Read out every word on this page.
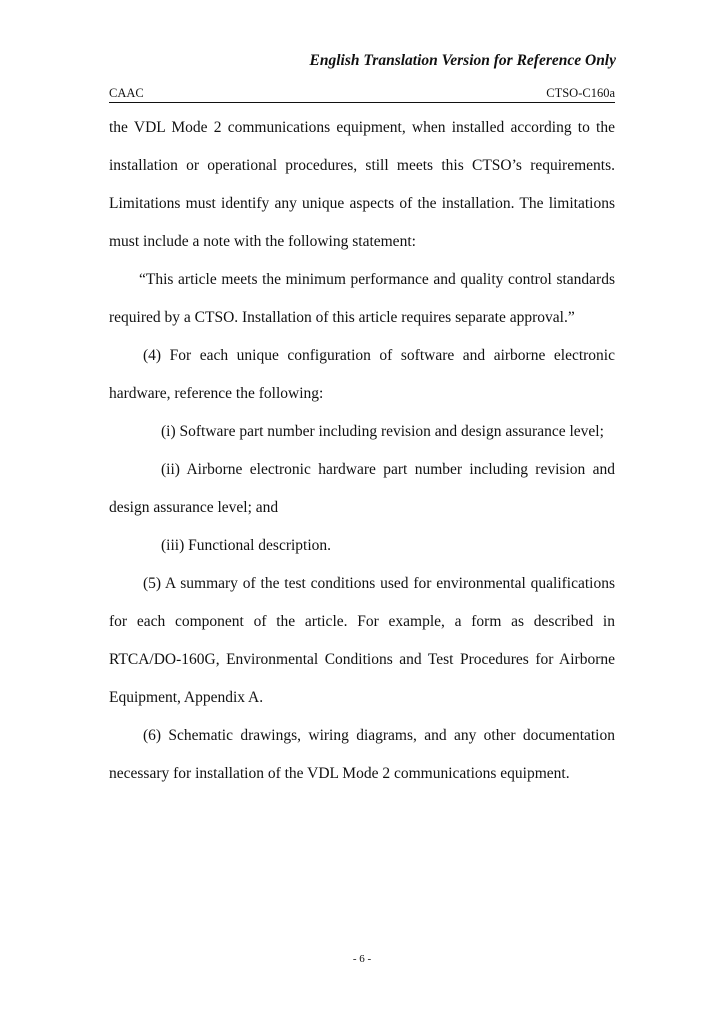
English Translation Version for Reference Only
CAAC	CTSO-C160a

the VDL Mode 2 communications equipment, when installed according to the installation or operational procedures, still meets this CTSO’s requirements. Limitations must identify any unique aspects of the installation. The limitations must include a note with the following statement:

“This article meets the minimum performance and quality control standards required by a CTSO. Installation of this article requires separate approval.”

(4) For each unique configuration of software and airborne electronic hardware, reference the following:

(i) Software part number including revision and design assurance level;

(ii) Airborne electronic hardware part number including revision and design assurance level; and

(iii) Functional description.

(5) A summary of the test conditions used for environmental qualifications for each component of the article. For example, a form as described in RTCA/DO-160G, Environmental Conditions and Test Procedures for Airborne Equipment, Appendix A.

(6) Schematic drawings, wiring diagrams, and any other documentation necessary for installation of the VDL Mode 2 communications equipment.

- 6 -
